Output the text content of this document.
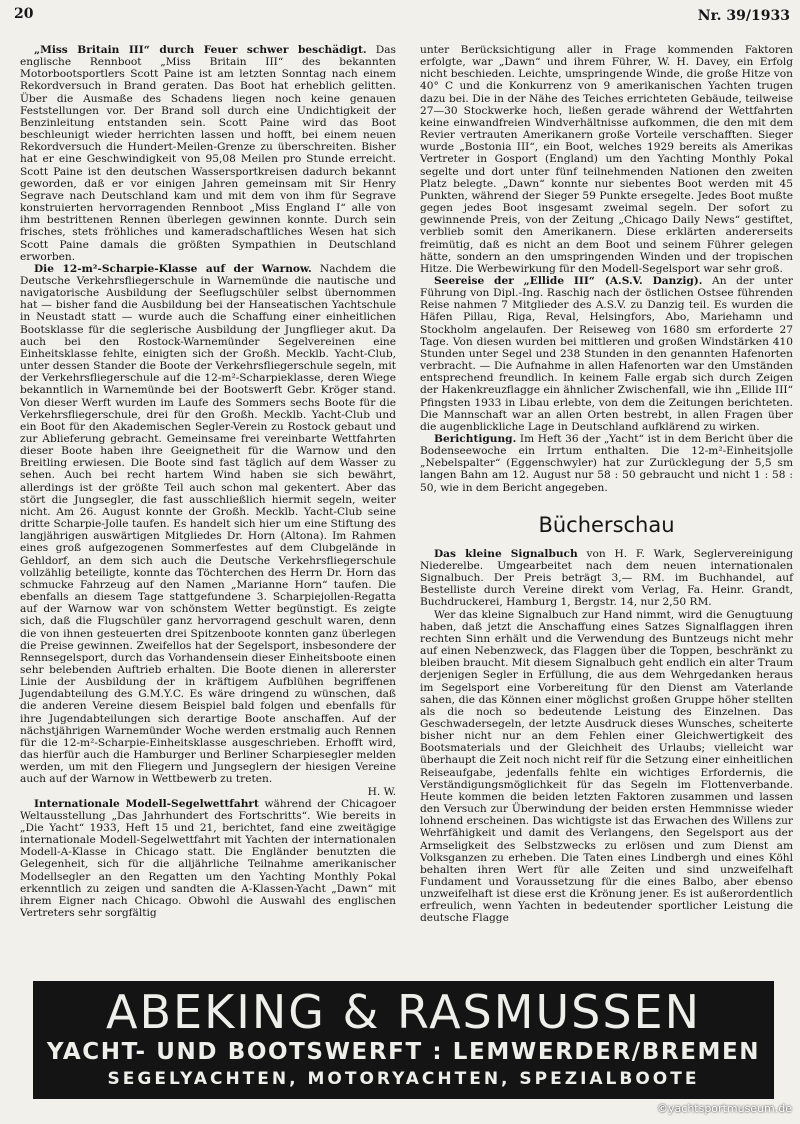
20	Nr. 39/1933

„Miss Britain III“ durch Feuer schwer beschädigt. Das englische Rennboot „Miss Britain III“ des bekannten Motorbootsportlers Scott Paine ist am letzten Sonntag nach einem Rekordversuch in Brand geraten. Das Boot hat erheblich gelitten. Über die Ausmaße des Schadens liegen noch keine genauen Feststellungen vor. Der Brand soll durch eine Undichtigkeit der Benzinleitung entstanden sein. Scott Paine wird das Boot beschleunigt wieder herrichten lassen und hofft, bei einem neuen Rekordversuch die Hundert-Meilen-Grenze zu überschreiten. Bisher hat er eine Geschwindigkeit von 95,08 Meilen pro Stunde erreicht. Scott Paine ist den deutschen Wassersportkreisen dadurch bekannt geworden, daß er vor einigen Jahren gemeinsam mit Sir Henry Segrave nach Deutschland kam und mit dem von ihm für Segrave konstruierten hervorragenden Rennboot „Miss England I“ alle von ihm bestrittenen Rennen überlegen gewinnen konnte. Durch sein frisches, stets fröhliches und kameradschaftliches Wesen hat sich Scott Paine damals die größten Sympathien in Deutschland erworben.

Die 12-m²-Scharpie-Klasse auf der Warnow. Nachdem die Deutsche Verkehrsfliegerschule in Warnemünde die nautische und navigatorische Ausbildung der Seeflugschüler selbst übernommen hat — bisher fand die Ausbildung bei der Hanseatischen Yachtschule in Neustadt statt — wurde auch die Schaffung einer einheitlichen Bootsklasse für die seglerische Ausbildung der Jungflieger akut. Da auch bei den Rostock-Warnemünder Segelvereinen eine Einheitsklasse fehlte, einigten sich der Großh. Mecklb. Yacht-Club, unter dessen Stander die Boote der Verkehrsfliegerschule segeln, mit der Verkehrsfliegerschule auf die 12-m²-Scharpieklasse, deren Wiege bekanntlich in Warnemünde bei der Bootswerft Gebr. Kröger stand. Von dieser Werft wurden im Laufe des Sommers sechs Boote für die Verkehrsfliegerschule, drei für den Großh. Mecklb. Yacht-Club und ein Boot für den Akademischen Segler-Verein zu Rostock gebaut und zur Ablieferung gebracht. Gemeinsame frei vereinbarte Wettfahrten dieser Boote haben ihre Geeignetheit für die Warnow und den Breitling erwiesen. Die Boote sind fast täglich auf dem Wasser zu sehen. Auch bei recht hartem Wind haben sie sich bewährt, allerdings ist der größte Teil auch schon mal gekentert. Aber das stört die Jungsegler, die fast ausschließlich hiermit segeln, weiter nicht. Am 26. August konnte der Großh. Mecklb. Yacht-Club seine dritte Scharpie-Jolle taufen. Es handelt sich hier um eine Stiftung des langjährigen auswärtigen Mitgliedes Dr. Horn (Altona). Im Rahmen eines groß aufgezogenen Sommerfestes auf dem Clubgelände in Gehldorf, an dem sich auch die Deutsche Verkehrsfliegerschule vollzählig beteiligte, konnte das Töchterchen des Herrn Dr. Horn das schmucke Fahrzeug auf den Namen „Marianne Horn“ taufen. Die ebenfalls an diesem Tage stattgefundene 3. Scharpiejollen-Regatta auf der Warnow war von schönstem Wetter begünstigt. Es zeigte sich, daß die Flugschüler ganz hervorragend geschult waren, denn die von ihnen gesteuerten drei Spitzenboote konnten ganz überlegen die Preise gewinnen. Zweifellos hat der Segelsport, insbesondere der Rennsegelsport, durch das Vorhandensein dieser Einheitsboote einen sehr belebenden Auftrieb erhalten. Die Boote dienen in allererster Linie der Ausbildung der in kräftigem Aufblühen begriffenen Jugendabteilung des G.M.Y.C. Es wäre dringend zu wünschen, daß die anderen Vereine diesem Beispiel bald folgen und ebenfalls für ihre Jugendabteilungen sich derartige Boote anschaffen. Auf der nächstjährigen Warnemünder Woche werden erstmalig auch Rennen für die 12-m²-Scharpie-Einheitsklasse ausgeschrieben. Erhofft wird, das hierfür auch die Hamburger und Berliner Scharpiesegler melden werden, um mit den Fliegern und Jungseglern der hiesigen Vereine auch auf der Warnow in Wettbewerb zu treten.
H. W.

Internationale Modell-Segelwettfahrt während der Chicagoer Weltausstellung „Das Jahrhundert des Fortschritts“. Wie bereits in „Die Yacht“ 1933, Heft 15 und 21, berichtet, fand eine zweitägige internationale Modell-Segelwettfahrt mit Yachten der internationalen Modell-A-Klasse in Chicago statt. Die Engländer benutzten die Gelegenheit, sich für die alljährliche Teilnahme amerikanischer Modellsegler an den Regatten um den Yachting Monthly Pokal erkenntlich zu zeigen und sandten die A-Klassen-Yacht „Dawn“ mit ihrem Eigner nach Chicago. Obwohl die Auswahl des englischen Vertreters sehr sorgfältig

unter Berücksichtigung aller in Frage kommenden Faktoren erfolgte, war „Dawn“ und ihrem Führer, W. H. Davey, ein Erfolg nicht beschieden. Leichte, umspringende Winde, die große Hitze von 40° C und die Konkurrenz von 9 amerikanischen Yachten trugen dazu bei. Die in der Nähe des Teiches errichteten Gebäude, teilweise 27—30 Stockwerke hoch, ließen gerade während der Wettfahrten keine einwandfreien Windverhältnisse aufkommen, die den mit dem Revier vertrauten Amerikanern große Vorteile verschafften. Sieger wurde „Bostonia III“, ein Boot, welches 1929 bereits als Amerikas Vertreter in Gosport (England) um den Yachting Monthly Pokal segelte und dort unter fünf teilnehmenden Nationen den zweiten Platz belegte. „Dawn“ konnte nur siebentes Boot werden mit 45 Punkten, während der Sieger 59 Punkte ersegelte. Jedes Boot mußte gegen jedes Boot insgesamt zweimal segeln. Der sofort zu gewinnende Preis, von der Zeitung „Chicago Daily News“ gestiftet, verblieb somit den Amerikanern. Diese erklärten andererseits freimütig, daß es nicht an dem Boot und seinem Führer gelegen hätte, sondern an den umspringenden Winden und der tropischen Hitze. Die Werbewirkung für den Modell-Segelsport war sehr groß.

Seereise der „Ellide III“ (A.S.V. Danzig). An der unter Führung von Dipl.-Ing. Raschig nach der östlichen Ostsee führenden Reise nahmen 7 Mitglieder des A.S.V. zu Danzig teil. Es wurden die Häfen Pillau, Riga, Reval, Helsingfors, Abo, Mariehamn und Stockholm angelaufen. Der Reiseweg von 1680 sm erforderte 27 Tage. Von diesen wurden bei mittleren und großen Windstärken 410 Stunden unter Segel und 238 Stunden in den genannten Hafenorten verbracht. — Die Aufnahme in allen Hafenorten war den Umständen entsprechend freundlich. In keinem Falle ergab sich durch Zeigen der Hakenkreuzflagge ein ähnlicher Zwischenfall, wie ihn „Ellide III“ Pfingsten 1933 in Libau erlebte, von dem die Zeitungen berichteten. Die Mannschaft war an allen Orten bestrebt, in allen Fragen über die augenblickliche Lage in Deutschland aufklärend zu wirken.

Berichtigung. Im Heft 36 der „Yacht“ ist in dem Bericht über die Bodenseewoche ein Irrtum enthalten. Die 12-m²-Einheitsjolle „Nebelspalter“ (Eggenschwyler) hat zur Zurücklegung der 5,5 sm langen Bahn am 12. August nur 58 : 50 gebraucht und nicht 1 : 58 : 50, wie in dem Bericht angegeben.

Bücherschau

Das kleine Signalbuch von H. F. Wark, Seglervereinigung Niederelbe. Umgearbeitet nach dem neuen internationalen Signalbuch. Der Preis beträgt 3,— RM. im Buchhandel, auf Bestelliste durch Vereine direkt vom Verlag, Fa. Heinr. Grandt, Buchdruckerei, Hamburg 1, Bergstr. 14, nur 2,50 RM.

Wer das kleine Signalbuch zur Hand nimmt, wird die Genugtuung haben, daß jetzt die Anschaffung eines Satzes Signalflaggen ihren rechten Sinn erhält und die Verwendung des Buntzeugs nicht mehr auf einen Nebenzweck, das Flaggen über die Toppen, beschränkt zu bleiben braucht. Mit diesem Signalbuch geht endlich ein alter Traum derjenigen Segler in Erfüllung, die aus dem Wehrgedanken heraus im Segelsport eine Vorbereitung für den Dienst am Vaterlande sahen, die das Können einer möglichst großen Gruppe höher stellten als die noch so bedeutende Leistung des Einzelnen. Das Geschwadersegeln, der letzte Ausdruck dieses Wunsches, scheiterte bisher nicht nur an dem Fehlen einer Gleichwertigkeit des Bootsmaterials und der Gleichheit des Urlaubs; vielleicht war überhaupt die Zeit noch nicht reif für die Setzung einer einheitlichen Reiseaufgabe, jedenfalls fehlte ein wichtiges Erfordernis, die Verständigungsmöglichkeit für das Segeln im Flottenverbande. Heute kommen die beiden letzten Faktoren zusammen und lassen den Versuch zur Überwindung der beiden ersten Hemmnisse wieder lohnend erscheinen. Das wichtigste ist das Erwachen des Willens zur Wehrfähigkeit und damit des Verlangens, den Segelsport aus der Armseligkeit des Selbstzwecks zu erlösen und zum Dienst am Volksganzen zu erheben. Die Taten eines Lindbergh und eines Köhl behalten ihren Wert für alle Zeiten und sind unzweifelhaft Fundament und Voraussetzung für die eines Balbo, aber ebenso unzweifelhaft ist diese erst die Krönung jener. Es ist außerordentlich erfreulich, wenn Yachten in bedeutender sportlicher Leistung die deutsche Flagge

ABEKING & RASMUSSEN
YACHT- UND BOOTSWERFT : LEMWERDER/BREMEN
SEGELYACHTEN, MOTORYACHTEN, SPEZIALBOOTE
©yachtsportmuseum.de
